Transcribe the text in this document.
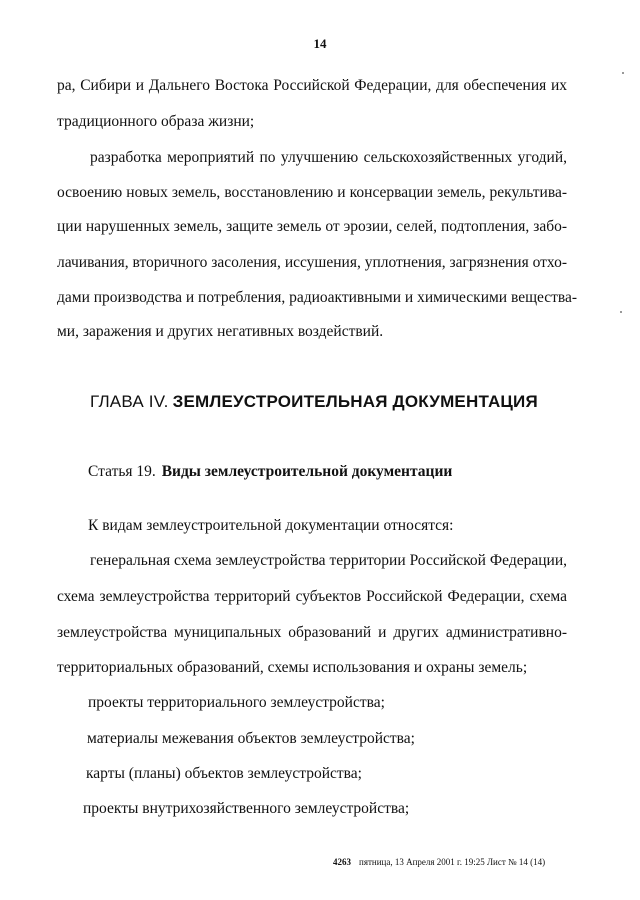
14
ра, Сибири и Дальнего Востока Российской Федерации, для обеспечения их
традиционного образа жизни;
разработка мероприятий по улучшению сельскохозяйственных угодий,
освоению новых земель, восстановлению и консервации земель, рекультива-
ции нарушенных земель, защите земель от эрозии, селей, подтопления, забо-
лачивания, вторичного засоления, иссушения, уплотнения, загрязнения отхо-
дами производства и потребления, радиоактивными и химическими вещества-
ми, заражения и других негативных воздействий.
ГЛАВА IV. ЗЕМЛЕУСТРОИТЕЛЬНАЯ ДОКУМЕНТАЦИЯ
Статья 19. Виды землеустроительной документации
К видам землеустроительной документации относятся:
генеральная схема землеустройства территории Российской Федерации,
схема землеустройства территорий субъектов Российской Федерации, схема
землеустройства муниципальных образований и других административно-
территориальных образований, схемы использования и охраны земель;
проекты территориального землеустройства;
материалы межевания объектов землеустройства;
карты (планы) объектов землеустройства;
проекты внутрихозяйственного землеустройства;
4263 пятница, 13 Апреля 2001 г. 19:25 Лист № 14 (14)
